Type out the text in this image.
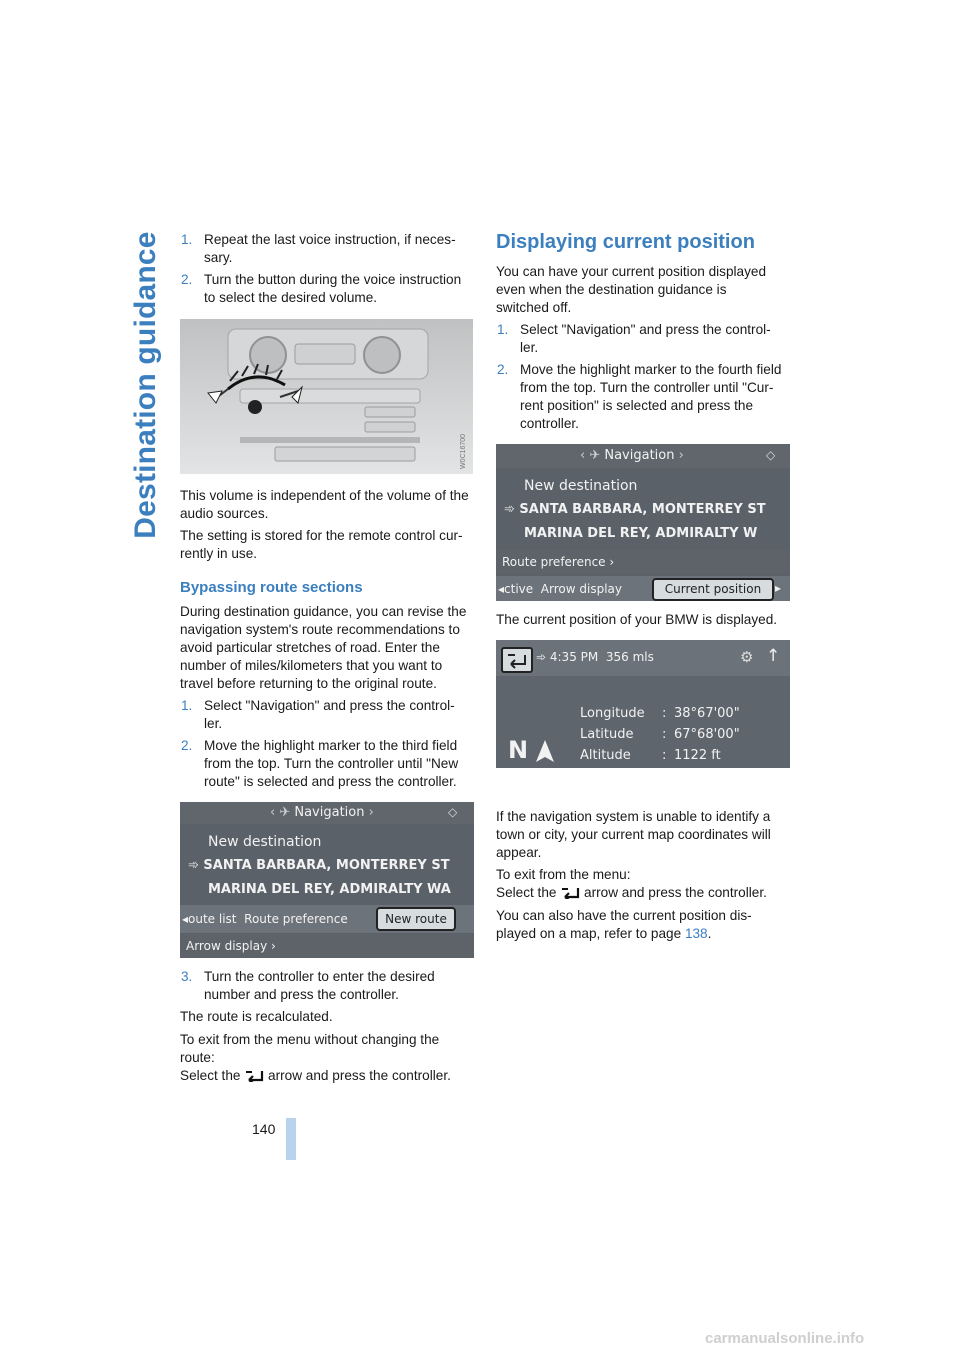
Destination guidance 1. Repeat the last voice instruction, if neces-
sary.
2. Turn the button during the voice instruction
to select the desired volume.
W0C16700
This volume is independent of the volume of the
audio sources.
The setting is stored for the remote control cur-
rently in use.
Bypassing route sections
During destination guidance, you can revise the
navigation system's route recommendations to
avoid particular stretches of road. Enter the
number of miles/kilometers that you want to
travel before returning to the original route.
1. Select "Navigation" and press the control-
ler.
2. Move the highlight marker to the third field
from the top. Turn the controller until "New
route" is selected and press the controller.
‹ ✈ Navigation ›	◇
New destination
➾ SANTA BARBARA, MONTERREY ST
MARINA DEL REY, ADMIRALTY WA
◂oute list Route preference	New route
Arrow display ›
3. Turn the controller to enter the desired
number and press the controller.
The route is recalculated.
To exit from the menu without changing the
route:
Select the arrow and press the controller.
140
Displaying current position
You can have your current position displayed
even when the destination guidance is
switched off.
1. Select "Navigation" and press the control-
ler.
2. Move the highlight marker to the fourth field
from the top. Turn the controller until "Cur-
rent position" is selected and press the
controller.
‹ ✈ Navigation ›	◇
New destination
➾ SANTA BARBARA, MONTERREY ST
MARINA DEL REY, ADMIRALTY W
Route preference ›
◂ctive Arrow display	Current position	▸
The current position of your BMW is displayed.
➾ 4:35 PM 356 mls	⚙ ↑
Longitude : 38°67'00"
Latitude : 67°68'00"
Altitude : 1122 ft
N
If the navigation system is unable to identify a
town or city, your current map coordinates will
appear.
To exit from the menu:
Select the arrow and press the controller.
You can also have the current position dis-
played on a map, refer to page 138.
carmanualsonline.info
